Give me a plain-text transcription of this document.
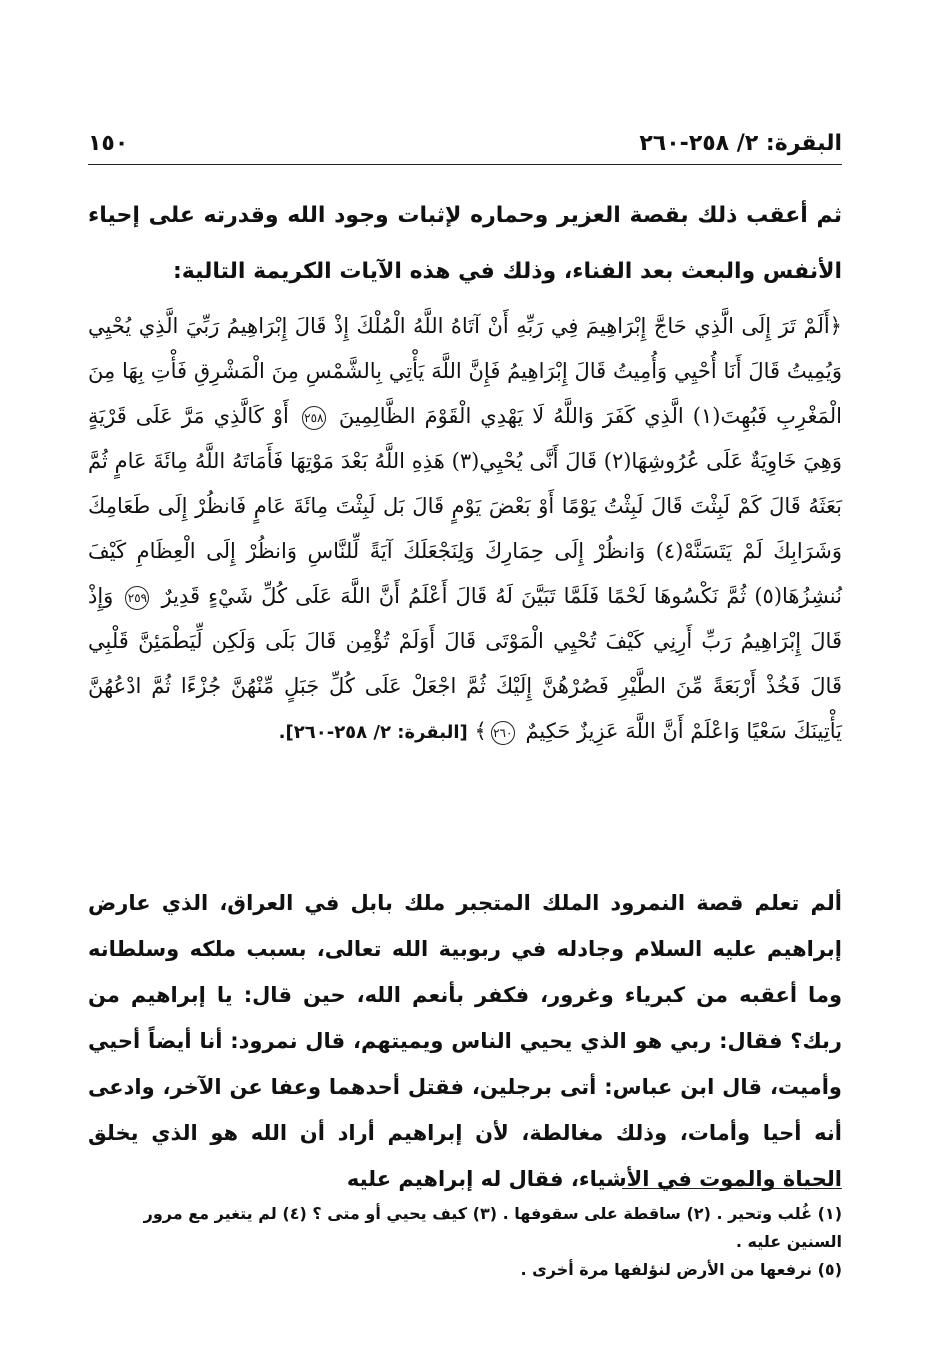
البقرة: ٢/ ٢٥٨-٢٦٠
١٥٠

ثم أعقب ذلك بقصة العزير وحماره لإثبات وجود الله وقدرته على إحياء الأنفس والبعث بعد الفناء، وذلك في هذه الآيات الكريمة التالية:

﴿أَلَمْ تَرَ إِلَى الَّذِي حَاجَّ إِبْرَاهِيمَ فِي رَبِّهِ أَنْ آتَاهُ اللَّهُ الْمُلْكَ إِذْ قَالَ إِبْرَاهِيمُ رَبِّيَ الَّذِي يُحْيِي وَيُمِيتُ قَالَ أَنَا أُحْيِي وَأُمِيتُ قَالَ إِبْرَاهِيمُ فَإِنَّ اللَّهَ يَأْتِي بِالشَّمْسِ مِنَ الْمَشْرِقِ فَأْتِ بِهَا مِنَ الْمَغْرِبِ فَبُهِتَ(١) الَّذِي كَفَرَ وَاللَّهُ لَا يَهْدِي الْقَوْمَ الظَّالِمِينَ ٢٥٨ أَوْ كَالَّذِي مَرَّ عَلَى قَرْيَةٍ وَهِيَ خَاوِيَةٌ عَلَى عُرُوشِهَا(٢) قَالَ أَنَّى يُحْيِي(٣) هَذِهِ اللَّهُ بَعْدَ مَوْتِهَا فَأَمَاتَهُ اللَّهُ مِائَةَ عَامٍ ثُمَّ بَعَثَهُ قَالَ كَمْ لَبِثْتَ قَالَ لَبِثْتُ يَوْمًا أَوْ بَعْضَ يَوْمٍ قَالَ بَل لَبِثْتَ مِائَةَ عَامٍ فَانظُرْ إِلَى طَعَامِكَ وَشَرَابِكَ لَمْ يَتَسَنَّهْ(٤) وَانظُرْ إِلَى حِمَارِكَ وَلِنَجْعَلَكَ آيَةً لِّلنَّاسِ وَانظُرْ إِلَى الْعِظَامِ كَيْفَ نُنشِزُهَا(٥) ثُمَّ نَكْسُوهَا لَحْمًا فَلَمَّا تَبَيَّنَ لَهُ قَالَ أَعْلَمُ أَنَّ اللَّهَ عَلَى كُلِّ شَيْءٍ قَدِيرٌ ٢٥٩ وَإِذْ قَالَ إِبْرَاهِيمُ رَبِّ أَرِنِي كَيْفَ تُحْيِي الْمَوْتَى قَالَ أَوَلَمْ تُؤْمِن قَالَ بَلَى وَلَكِن لِّيَطْمَئِنَّ قَلْبِي قَالَ فَخُذْ أَرْبَعَةً مِّنَ الطَّيْرِ فَصُرْهُنَّ إِلَيْكَ ثُمَّ اجْعَلْ عَلَى كُلِّ جَبَلٍ مِّنْهُنَّ جُزْءًا ثُمَّ ادْعُهُنَّ يَأْتِينَكَ سَعْيًا وَاعْلَمْ أَنَّ اللَّهَ عَزِيزٌ حَكِيمٌ ٢٦٠﴾ [البقرة: ٢/ ٢٥٨-٢٦٠].

ألم تعلم قصة النمرود الملك المتجبر ملك بابل في العراق، الذي عارض إبراهيم عليه السلام وجادله في ربوبية الله تعالى، بسبب ملكه وسلطانه وما أعقبه من كبرياء وغرور، فكفر بأنعم الله، حين قال: يا إبراهيم من ربك؟ فقال: ربي هو الذي يحيي الناس ويميتهم، قال نمرود: أنا أيضاً أحيي وأميت، قال ابن عباس: أتى برجلين، فقتل أحدهما وعفا عن الآخر، وادعى أنه أحيا وأمات، وذلك مغالطة، لأن إبراهيم أراد أن الله هو الذي يخلق الحياة والموت في الأشياء، فقال له إبراهيم عليه

(١) غُلب وتحير . (٢) ساقطة على سقوفها . (٣) كيف يحيي أو متى ؟ (٤) لم يتغير مع مرور السنين عليه .

(٥) نرفعها من الأرض لنؤلفها مرة أخرى .
